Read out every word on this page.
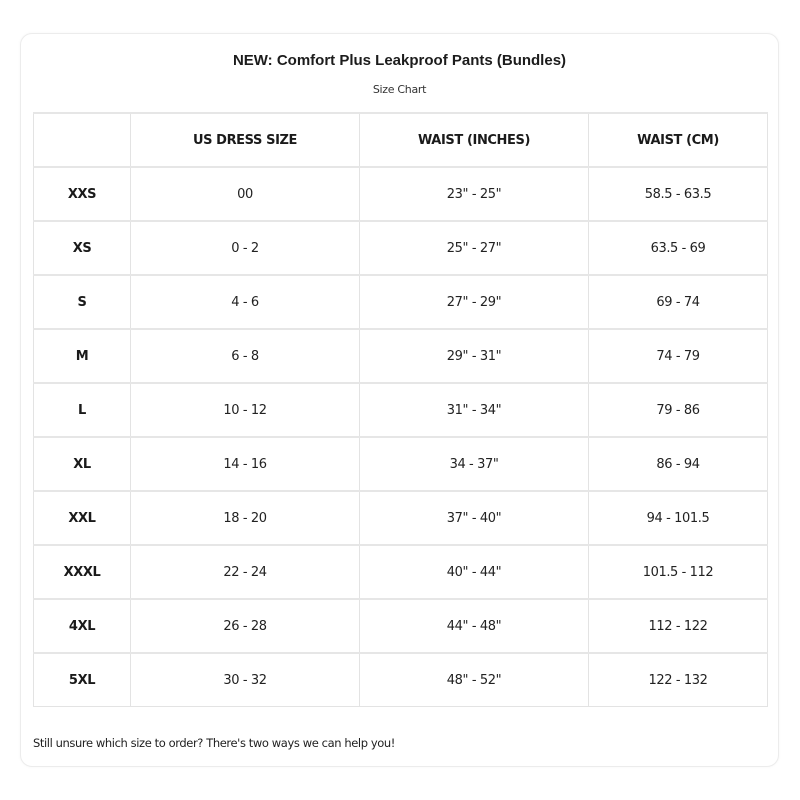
NEW: Comfort Plus Leakproof Pants (Bundles)
Size Chart
	US DRESS SIZE	WAIST (INCHES)	WAIST (CM)
XXS	00	23" - 25"	58.5 - 63.5
XS	0 - 2	25" - 27"	63.5 - 69
S	4 - 6	27" - 29"	69 - 74
M	6 - 8	29" - 31"	74 - 79
L	10 - 12	31" - 34"	79 - 86
XL	14 - 16	34 - 37"	86 - 94
XXL	18 - 20	37" - 40"	94 - 101.5
XXXL	22 - 24	40" - 44"	101.5 - 112
4XL	26 - 28	44" - 48"	112 - 122
5XL	30 - 32	48" - 52"	122 - 132
Still unsure which size to order? There's two ways we can help you!
